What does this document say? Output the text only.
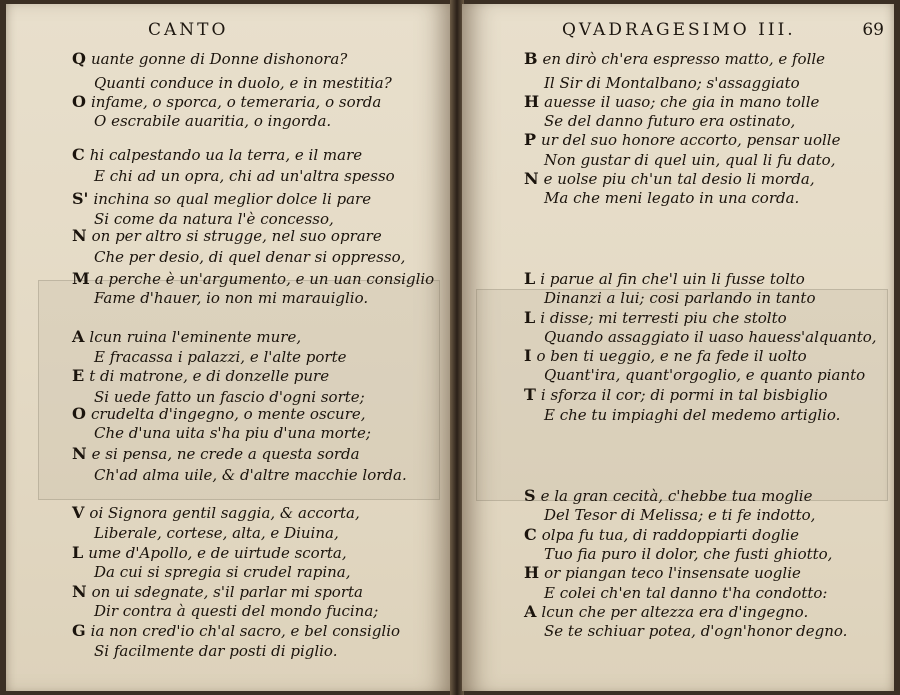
CANTO
Q uante gonne di Donne dishonora?
Quanti conduce in duolo, e in mestitia?
O infame, o sporca, o temeraria, o sorda
O escrabile auaritia, o ingorda.
C hi calpestando ua la terra, e il mare
E chi ad un opra, chi ad un'altra spesso
S' inchina so qual meglior dolce li pare
Si come da natura l'è concesso,
N on per altro si strugge, nel suo oprare
Che per desio, di quel denar si oppresso,
M a perche è un'argumento, e un uan consiglio
Fame d'hauer, io non mi marauiglio.
A lcun ruina l'eminente mure,
E fracassa i palazzi, e l'alte porte
E t di matrone, e di donzelle pure
Si uede fatto un fascio d'ogni sorte;
O crudelta d'ingegno, o mente oscure,
Che d'una uita s'ha piu d'una morte;
N e si pensa, ne crede a questa sorda
Ch'ad alma uile, & d'altre macchie lorda.
V oi Signora gentil saggia, & accorta,
Liberale, cortese, alta, e Diuina,
L ume d'Apollo, e de uirtude scorta,
Da cui si spregia si crudel rapina,
N on ui sdegnate, s'il parlar mi sporta
Dir contra à questi del mondo fucina;
G ia non cred'io ch'al sacro, e bel consiglio
Si facilmente dar posti di piglio.
QVADRAGESIMO III.	69
B en dirò ch'era espresso matto, e folle
Il Sir di Montalbano; s'assaggiato
H auesse il uaso; che gia in mano tolle
Se del danno futuro era ostinato,
P ur del suo honore accorto, pensar uolle
Non gustar di quel uin, qual li fu dato,
N e uolse piu ch'un tal desio li morda,
Ma che meni legato in una corda.
L i parue al fin che'l uin li fusse tolto
Dinanzi a lui; cosi parlando in tanto
L i disse; mi terresti piu che stolto
Quando assaggiato il uaso hauess'alquanto,
I o ben ti ueggio, e ne fa fede il uolto
Quant'ira, quant'orgoglio, e quanto pianto
T i sforza il cor; di pormi in tal bisbiglio
E che tu impiaghi del medemo artiglio.
S e la gran cecità, c'hebbe tua moglie
Del Tesor di Melissa; e ti fe indotto,
C olpa fu tua, di raddoppiarti doglie
Tuo fia puro il dolor, che fusti ghiotto,
H or piangan teco l'insensate uoglie
E colei ch'en tal danno t'ha condotto:
A lcun che per altezza era d'ingegno.
Se te schiuar potea, d'ogn'honor degno.
